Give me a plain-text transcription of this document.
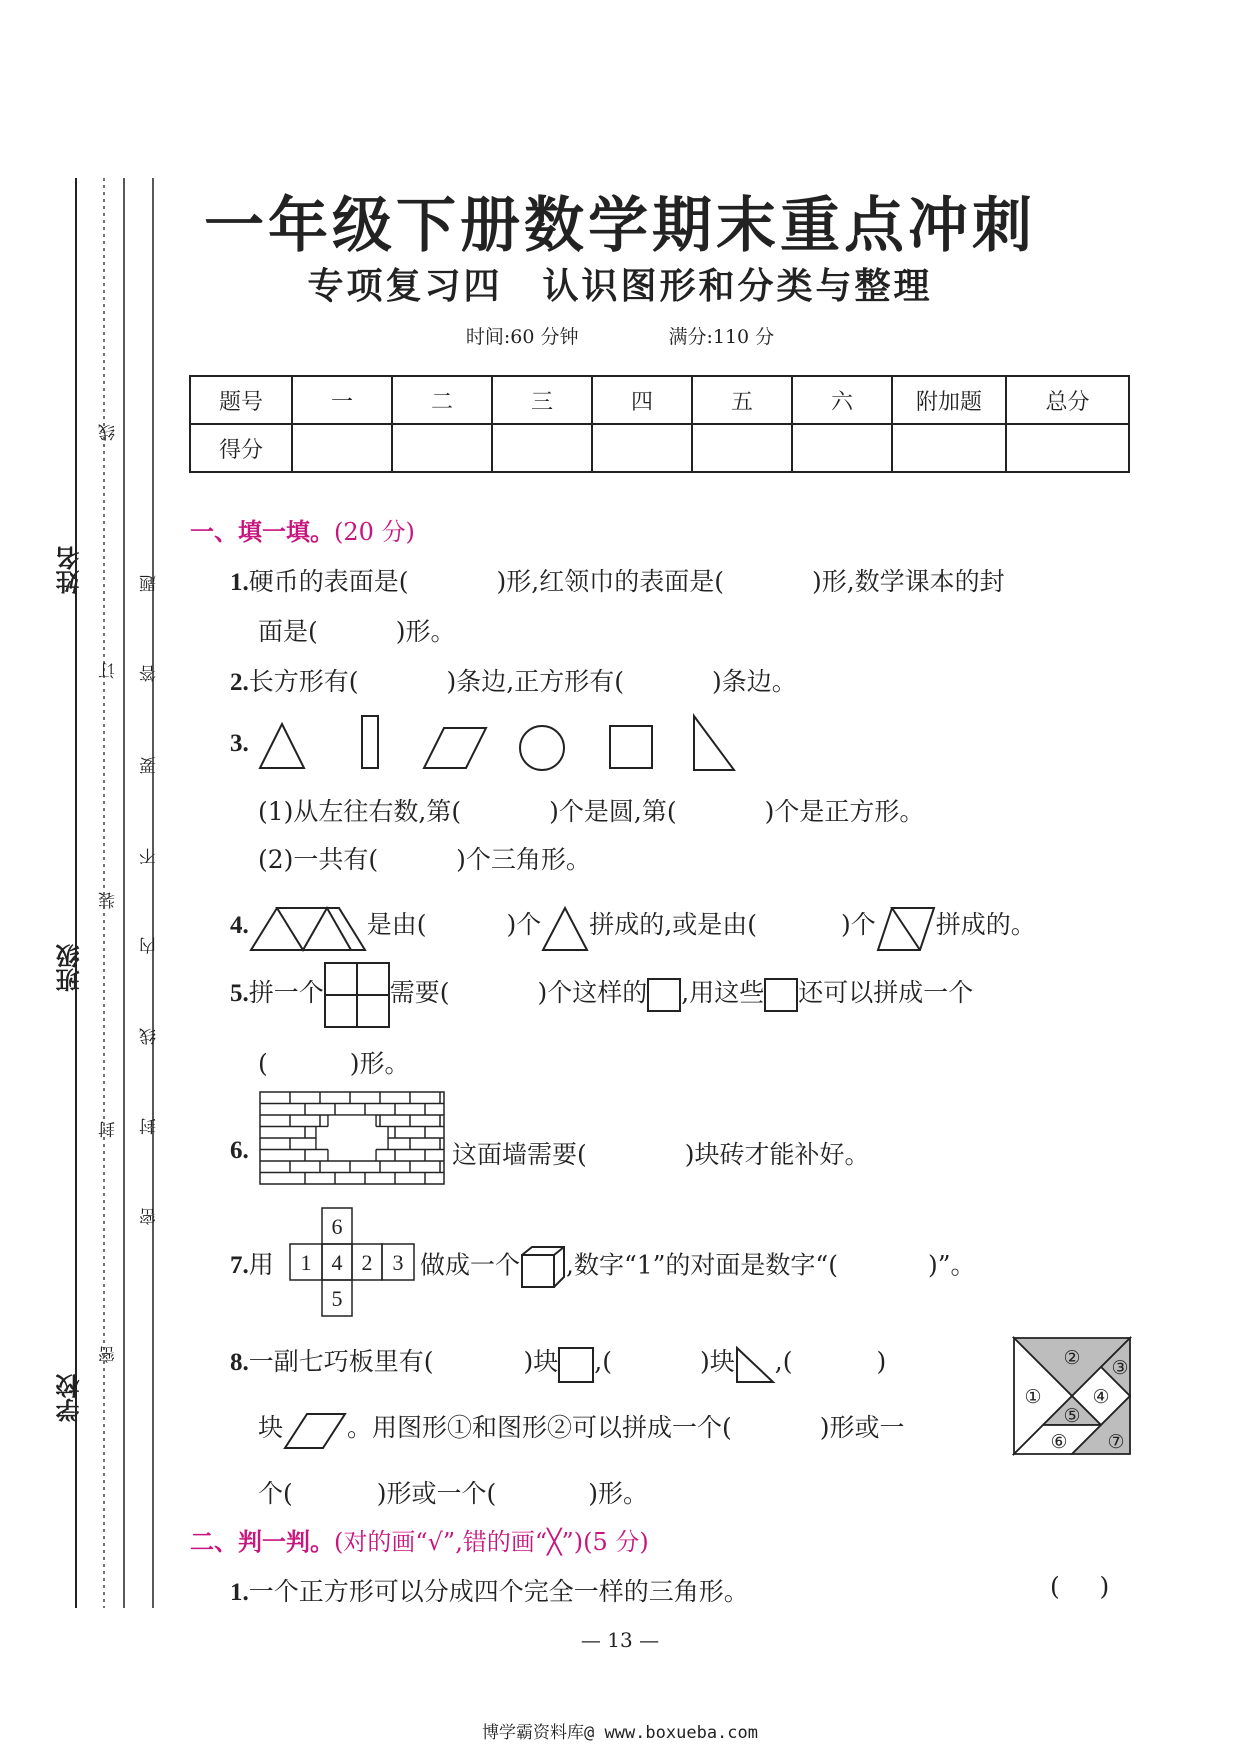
姓名
班级
学校
线
订
装
封
密
题
答
要
不
内
线
封
密
一年级下册数学期末重点冲刺
专项复习四 认识图形和分类与整理
时间:60 分钟	满分:110 分
题号	一	二	三	四	五	六	附加题	总分
得分								
一、填一填。(20 分)
1.硬币的表面是(	)形,红领巾的表面是(	)形,数学课本的封
面是(	)形。
2.长方形有(	)条边,正方形有(	)条边。
3.
(1)从左往右数,第(	)个是圆,第(	)个是正方形。
(2)一共有(	)个三角形。
4.	是由(	)个 拼成的,或是由(	)个 拼成的。
5.拼一个	需要(	)个这样的 ,用这些 还可以拼成一个
(	)形。
6.	这面墙需要(	)块砖才能补好。
7.用
6
1 4 2 3
5
做成一个 ,数字“1”的对面是数字“(	)”。
8.一副七巧板里有(	)块 ,(	)块 ,(	)
块	。用图形①和图形②可以拼成一个(	)形或一
个(	)形或一个(	)形。
② ③
①	④
⑤
⑥ ⑦
二、判一判。(对的画“√”,错的画“╳”)(5 分)
1.一个正方形可以分成四个完全一样的三角形。	(     )
— 13 —
博学霸资料库@ www.boxueba.com
